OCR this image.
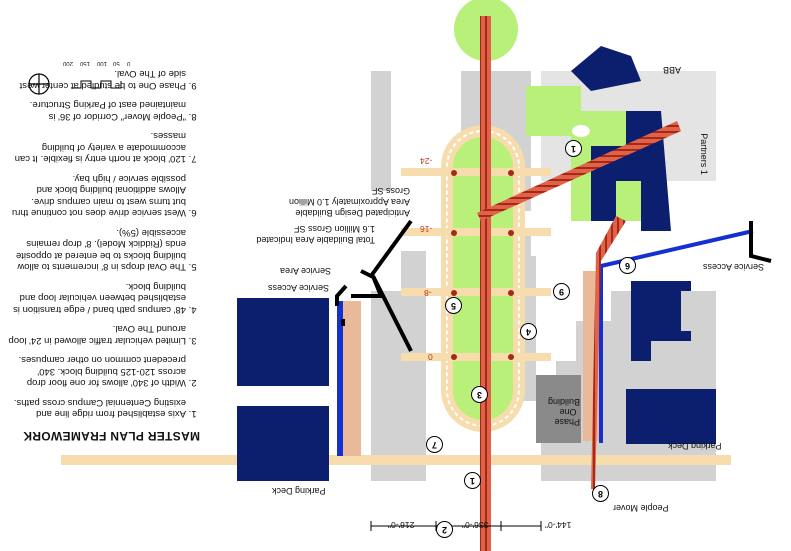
MASTER PLAN FRAMEWORK
1. Axis established from ridge line and existing Centennial Campus cross paths.
2. Width of 340' allows for one floor drop across 120-125 building block. 340' precedent common on other campuses.
3. Limited vehicular traffic allowed in 24' loop around The Oval.
4. 48' campus path band / edge transition is established between vehicular loop and building block.
5. The Oval drops in 8' increments to allow building blocks to be entered at opposite ends (Riddick Model). 8' drop remains accessible (5%).
6. West service drive does not continue thru but turns west to main campus drive. Allows additional building block and possible service / high bay.
7. 120' block at north entry is flexible. It can accommodate a variety of building masses.
8. "People Mover" Corridor of 36' is maintained east of Parking Structure.
9. Phase One to be studied at center west side of The Oval.
Parking Deck
Parking Deck
People Mover
Service Access
Service Access
Service Area
Partners 1
ABB
Phase One Building
Total Buildable Area Indicated 1.6 Million Gross SF
Anticipated Design Buildable Area Approximately 1.0 Million Gross SF
144'-0"
336'-0"
216'-0"
0
-8
-16
-24
1
1
2
3
4
5
6
7
8
9
0
50
100
150
200
